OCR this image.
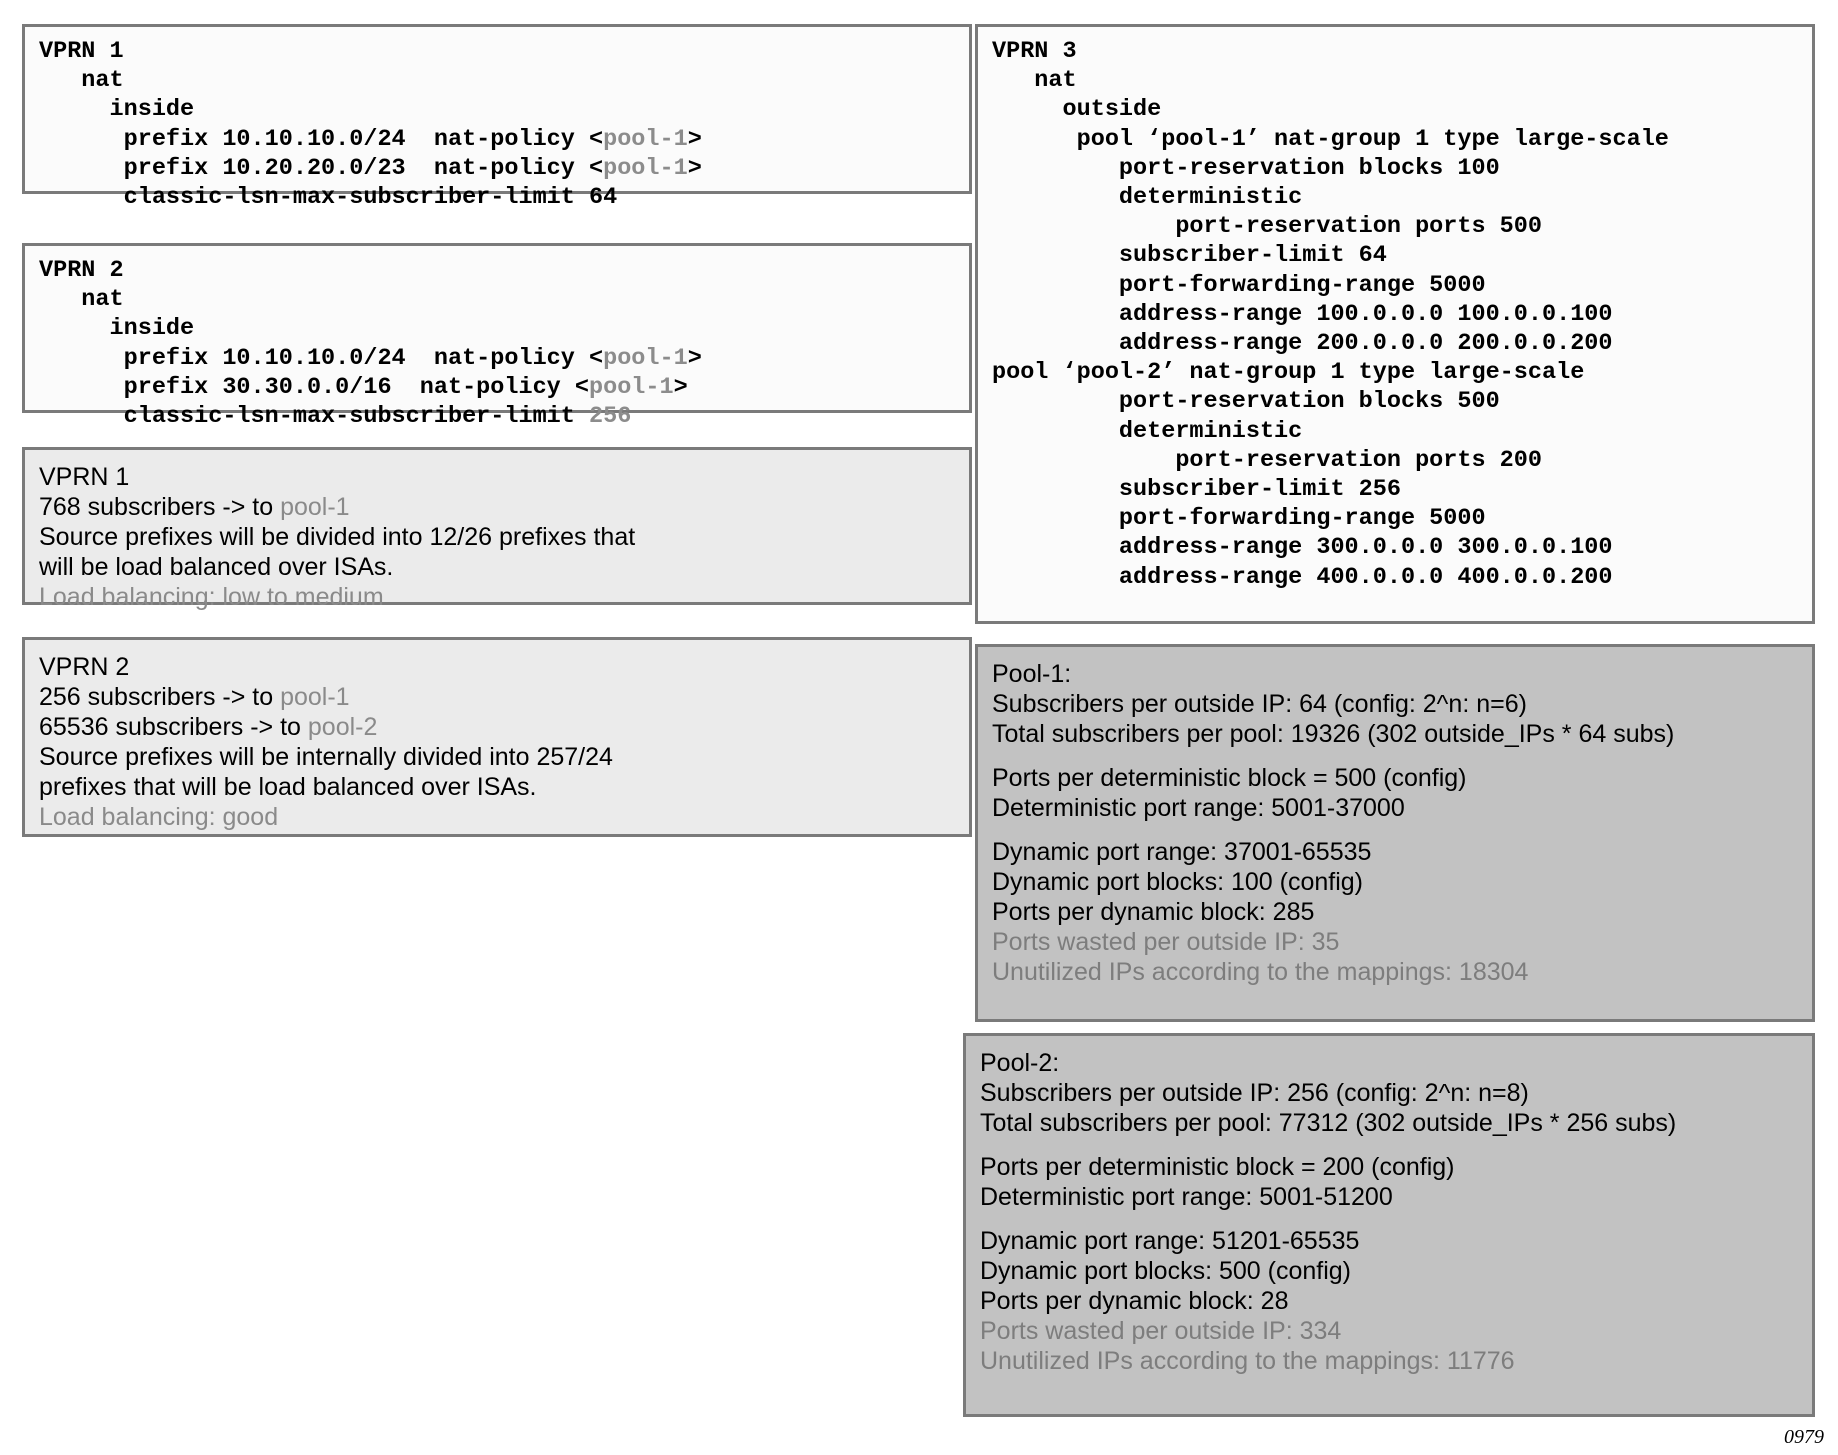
VPRN 1
nat
inside
prefix 10.10.10.0/24  nat-policy <pool-1>
prefix 10.20.20.0/23  nat-policy <pool-1>
classic-lsn-max-subscriber-limit 64
VPRN 2
nat
inside
prefix 10.10.10.0/24  nat-policy <pool-1>
prefix 30.30.0.0/16  nat-policy <pool-1>
classic-lsn-max-subscriber-limit 256
VPRN 3
nat
outside
pool ‘pool-1’ nat-group 1 type large-scale
port-reservation blocks 100
deterministic
port-reservation ports 500
subscriber-limit 64
port-forwarding-range 5000
address-range 100.0.0.0 100.0.0.100
address-range 200.0.0.0 200.0.0.200
pool ‘pool-2’ nat-group 1 type large-scale
port-reservation blocks 500
deterministic
port-reservation ports 200
subscriber-limit 256
port-forwarding-range 5000
address-range 300.0.0.0 300.0.0.100
address-range 400.0.0.0 400.0.0.200
VPRN 1
768 subscribers -> to pool-1
Source prefixes will be divided into 12/26 prefixes that
will be load balanced over ISAs.
Load balancing: low to medium
VPRN 2
256 subscribers -> to pool-1
65536 subscribers -> to pool-2
Source prefixes will be internally divided into 257/24
prefixes that will be load balanced over ISAs.
Load balancing: good
Pool-1:
Subscribers per outside IP: 64 (config: 2^n: n=6)
Total subscribers per pool: 19326 (302 outside_IPs * 64 subs)
Ports per deterministic block = 500 (config)
Deterministic port range: 5001-37000
Dynamic port range: 37001-65535
Dynamic port blocks: 100 (config)
Ports per dynamic block: 285
Ports wasted per outside IP: 35
Unutilized IPs according to the mappings: 18304
Pool-2:
Subscribers per outside IP: 256 (config: 2^n: n=8)
Total subscribers per pool: 77312 (302 outside_IPs * 256 subs)
Ports per deterministic block = 200 (config)
Deterministic port range: 5001-51200
Dynamic port range: 51201-65535
Dynamic port blocks: 500 (config)
Ports per dynamic block: 28
Ports wasted per outside IP: 334
Unutilized IPs according to the mappings: 11776
0979
